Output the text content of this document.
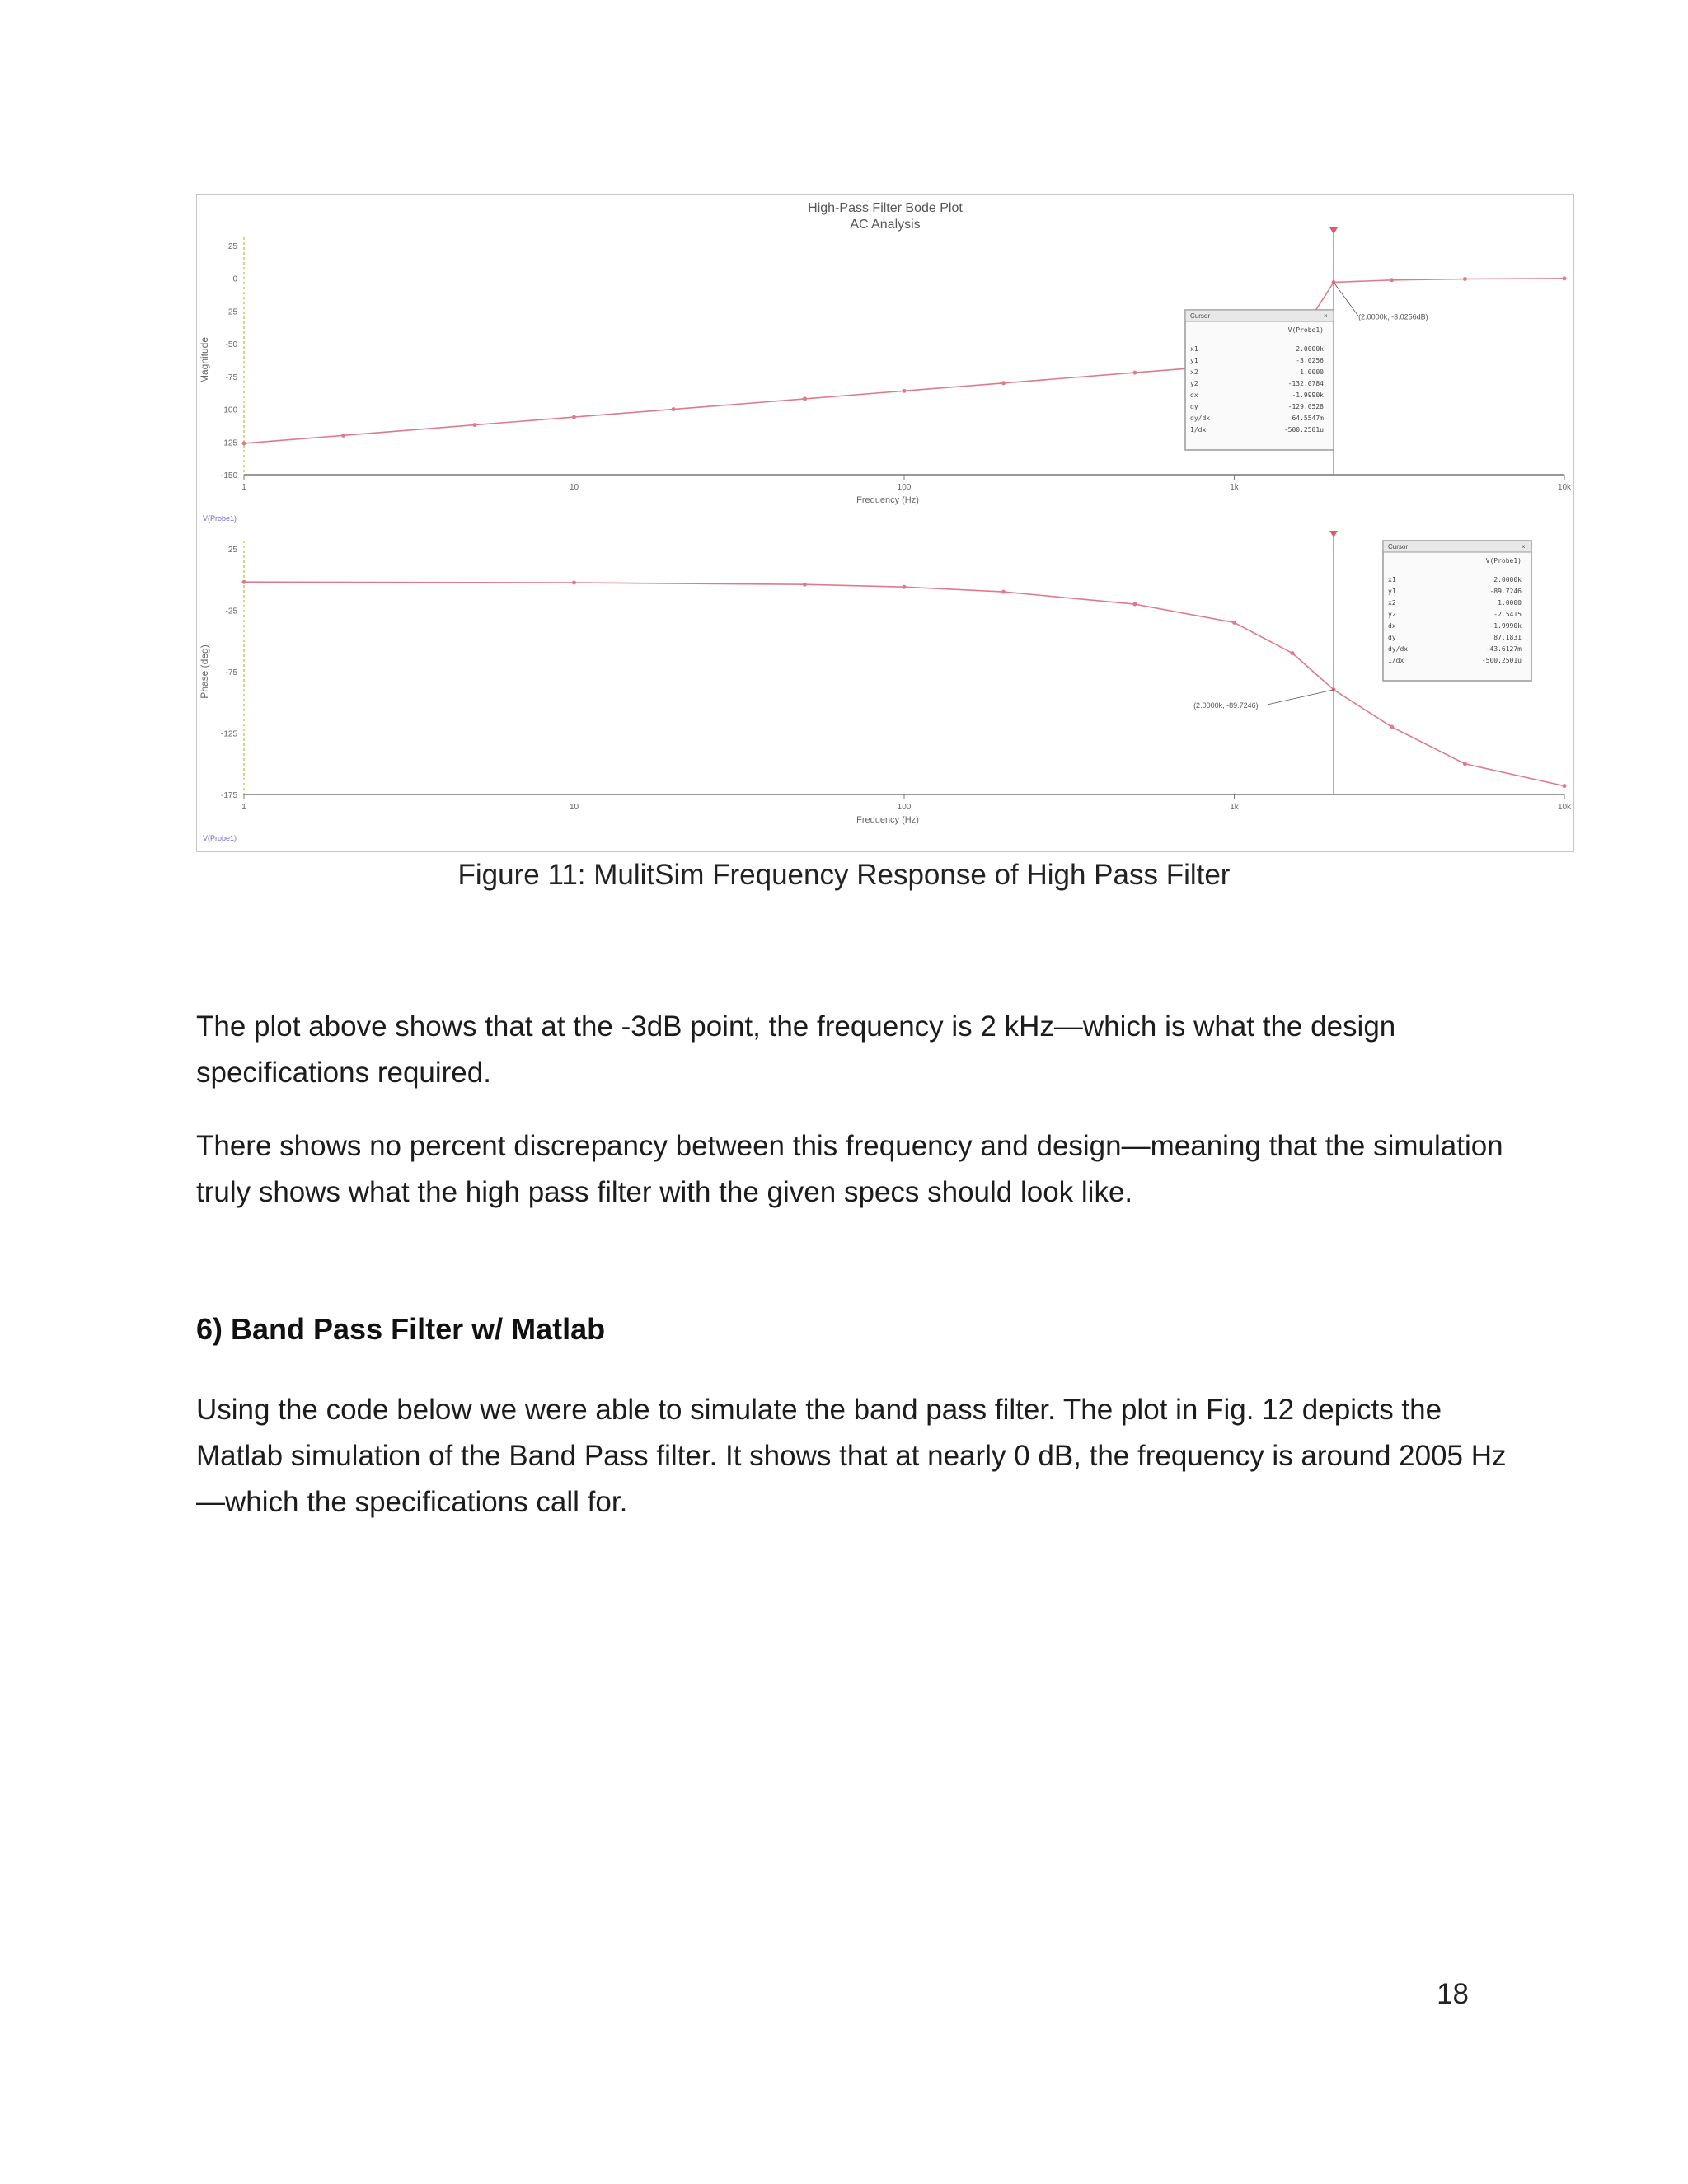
High-Pass Filter Bode Plot
AC Analysis
1	10	100	1k	10k
Frequency (Hz)
25
0
-25
-50
-75
-100
-125
-150
Magnitude
V(Probe1)
(2.0000k, -3.0256dB)
Cursor	×
V(Probe1)
x1	2.0000k
y1	-3.0256
x2	1.0000
y2	-132.0784
dx	-1.9990k
dy	-129.0528
dy/dx	64.5547m
1/dx	-500.2501u
1	10	100	1k	10k
Frequency (Hz)
25
-25
-75
-125
-175
Phase (deg)
V(Probe1)
(2.0000k, -89.7246)
Cursor	×
V(Probe1)
x1	2.0000k
y1	-89.7246
x2	1.0000
y2	-2.5415
dx	-1.9990k
dy	87.1831
dy/dx	-43.6127m
1/dx	-500.2501u
Figure 11: MulitSim Frequency Response of High Pass Filter

The plot above shows that at the -3dB point, the frequency is 2 kHz—which is what the design specifications required.

There shows no percent discrepancy between this frequency and design—meaning that the simulation truly shows what the high pass filter with the given specs should look like.

6) Band Pass Filter w/ Matlab

Using the code below we were able to simulate the band pass filter. The plot in Fig. 12 depicts the Matlab simulation of the Band Pass filter. It shows that at nearly 0 dB, the frequency is around 2005 Hz—which the specifications call for.

18
